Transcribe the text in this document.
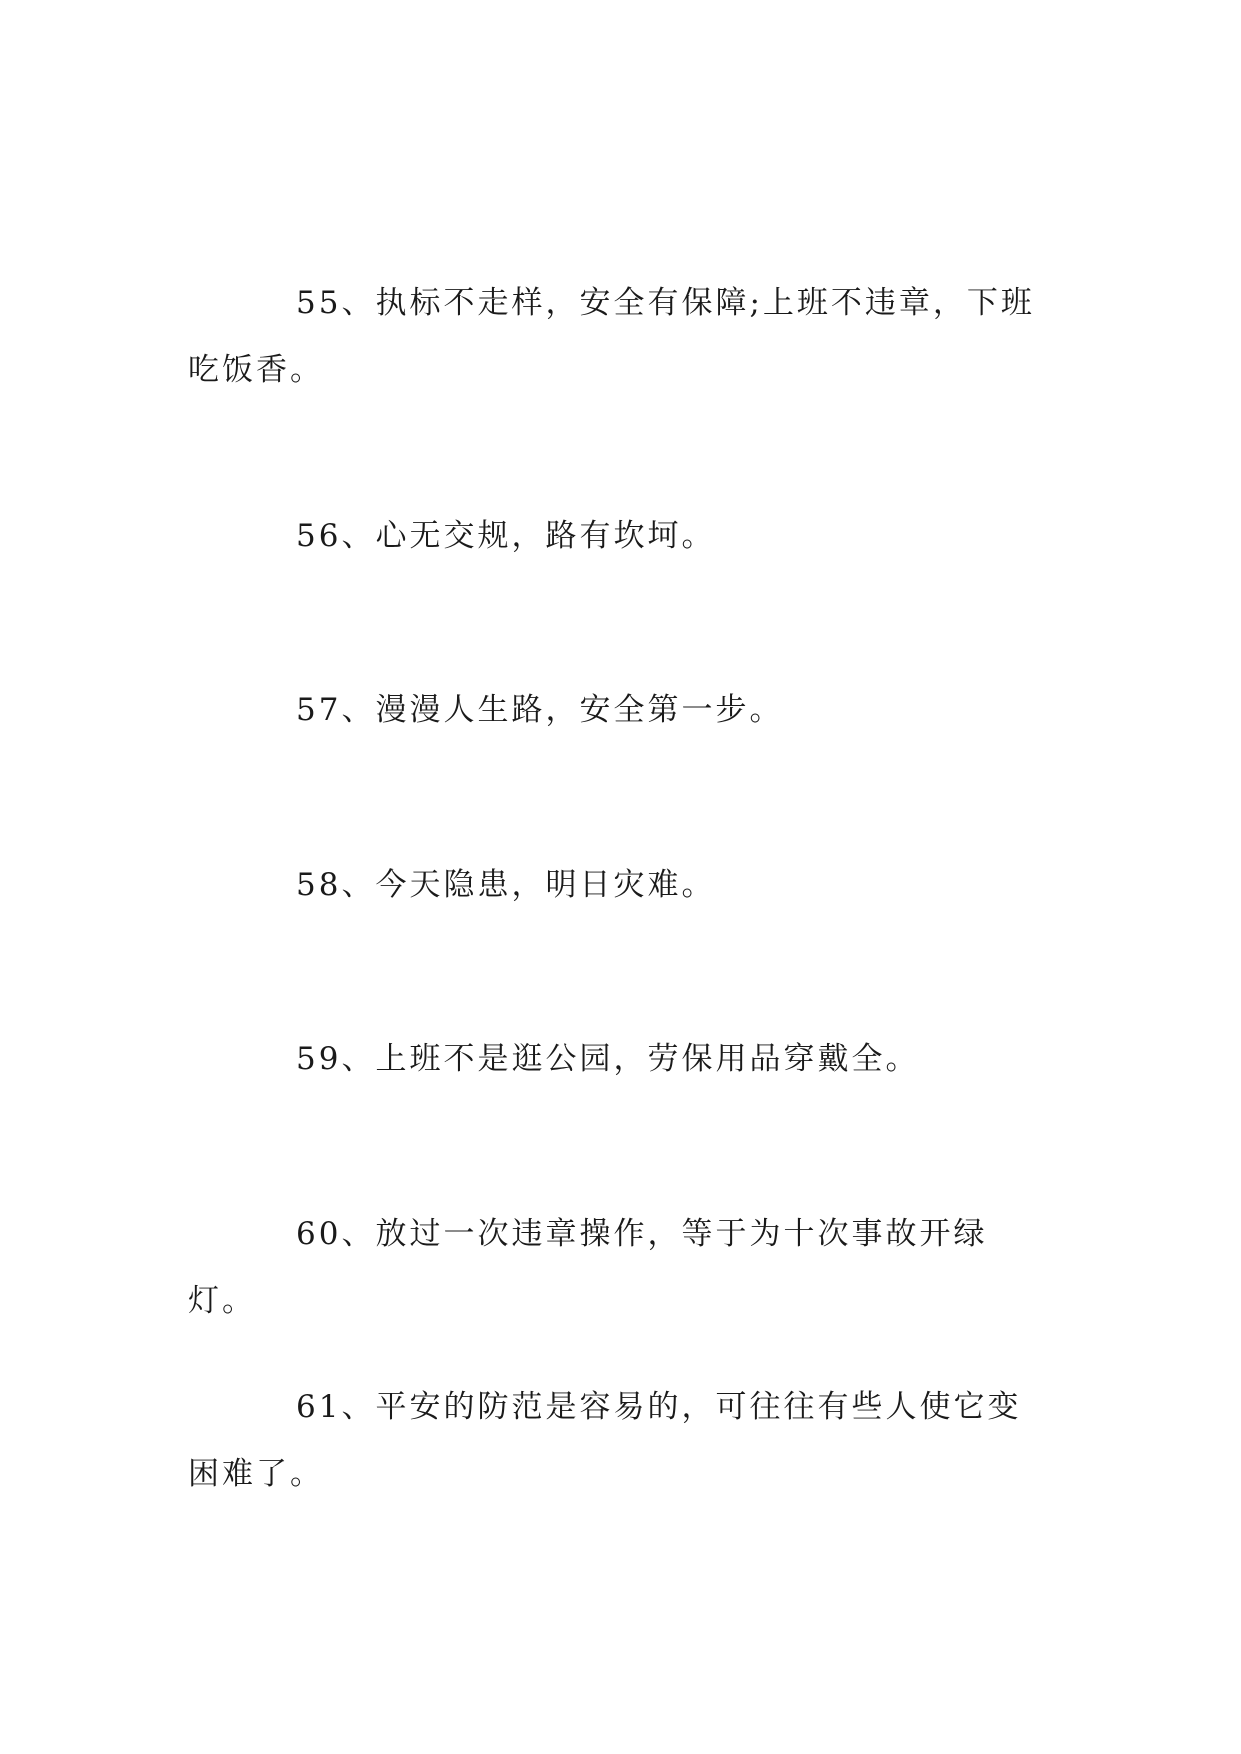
55、执标不走样，安全有保障;上班不违章，下班吃饭香。

56、心无交规，路有坎坷。

57、漫漫人生路，安全第一步。

58、今天隐患，明日灾难。

59、上班不是逛公园，劳保用品穿戴全。

60、放过一次违章操作，等于为十次事故开绿灯。

61、平安的防范是容易的，可往往有些人使它变困难了。
